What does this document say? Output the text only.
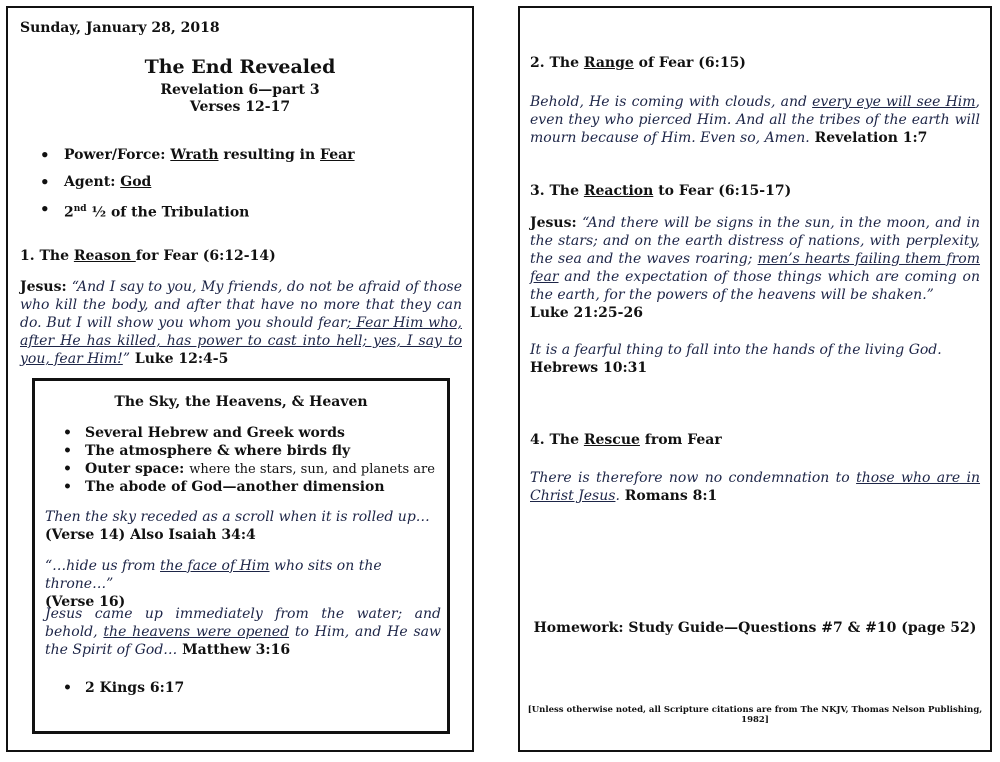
Sunday, January 28, 2018
The End Revealed
Revelation 6—part 3
Verses 12-17
• Power/Force: Wrath resulting in Fear
• Agent: God
• 2nd ½ of the Tribulation
1. The Reason for Fear (6:12-14)
Jesus: “And I say to you, My friends, do not be afraid of those who kill the body, and after that have no more that they can do. But I will show you whom you should fear; Fear Him who, after He has killed, has power to cast into hell; yes, I say to you, fear Him!” Luke 12:4-5
The Sky, the Heavens, & Heaven
• Several Hebrew and Greek words
• The atmosphere & where birds fly
• Outer space: where the stars, sun, and planets are
• The abode of God—another dimension
Then the sky receded as a scroll when it is rolled up…
(Verse 14) Also Isaiah 34:4
“…hide us from the face of Him who sits on the throne…”
(Verse 16)
Jesus came up immediately from the water; and behold, the heavens were opened to Him, and He saw the Spirit of God… Matthew 3:16
• 2 Kings 6:17
2. The Range of Fear (6:15)
Behold, He is coming with clouds, and every eye will see Him, even they who pierced Him. And all the tribes of the earth will mourn because of Him. Even so, Amen. Revelation 1:7
3. The Reaction to Fear (6:15-17)
Jesus: “And there will be signs in the sun, in the moon, and in the stars; and on the earth distress of nations, with perplexity, the sea and the waves roaring; men’s hearts failing them from fear and the expectation of those things which are coming on the earth, for the powers of the heavens will be shaken.”
Luke 21:25-26
It is a fearful thing to fall into the hands of the living God.
Hebrews 10:31
4. The Rescue from Fear
There is therefore now no condemnation to those who are in Christ Jesus. Romans 8:1
Homework: Study Guide—Questions #7 & #10 (page 52)
[Unless otherwise noted, all Scripture citations are from The NKJV, Thomas Nelson Publishing, 1982]
